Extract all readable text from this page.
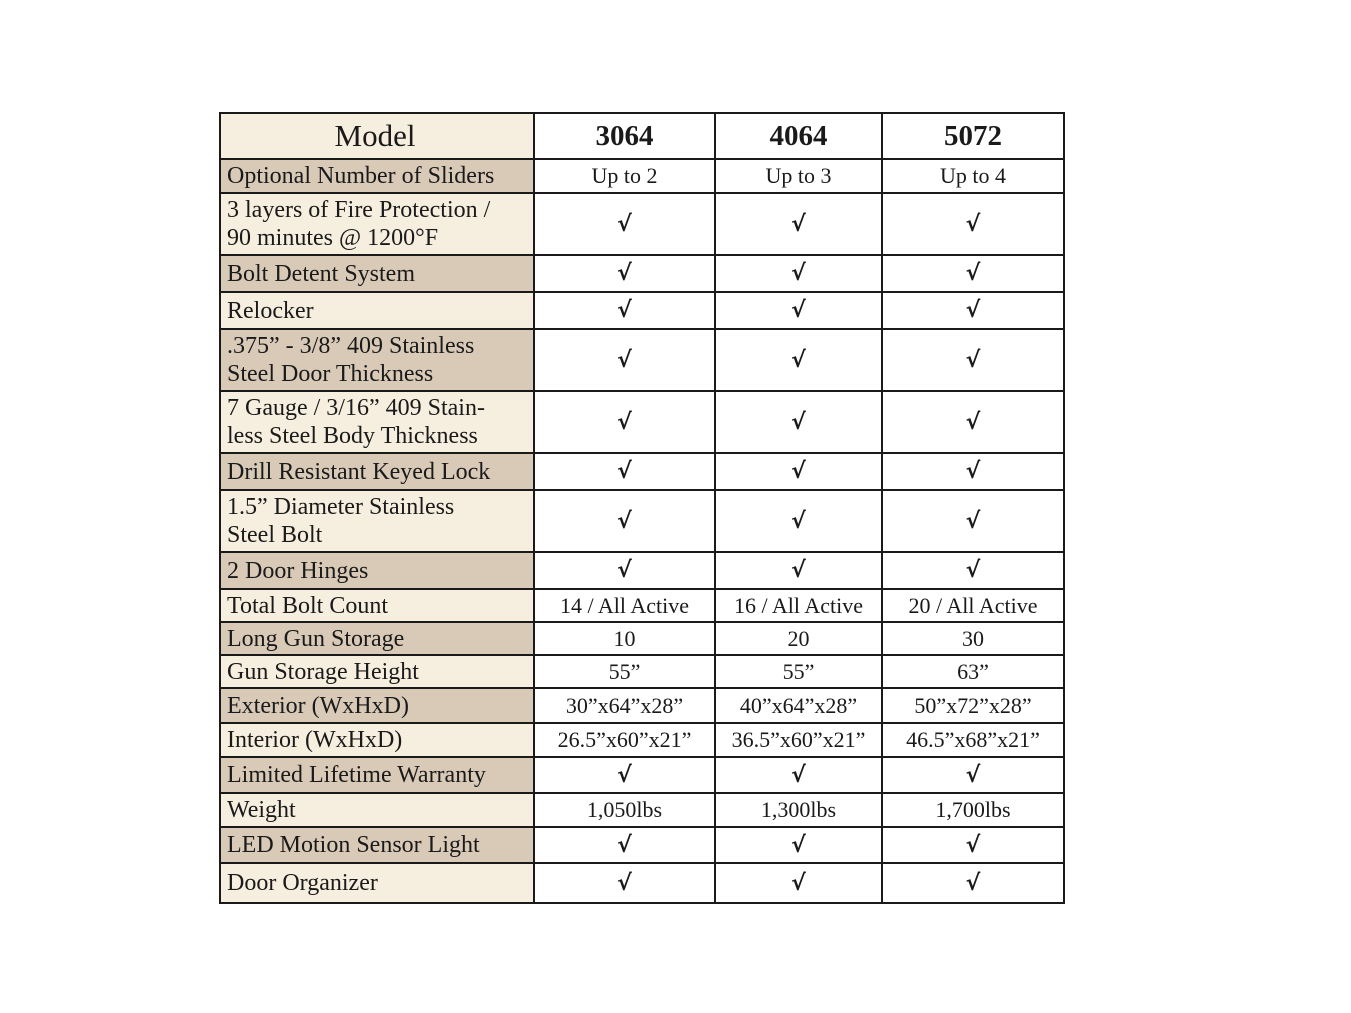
Model	3064	4064	5072
Optional Number of Sliders	Up to 2	Up to 3	Up to 4
3 layers of Fire Protection /
90 minutes @ 1200°F	√	√	√
Bolt Detent System	√	√	√
Relocker	√	√	√
.375” - 3/8” 409 Stainless
Steel Door Thickness	√	√	√
7 Gauge / 3/16” 409 Stain-
less Steel Body Thickness	√	√	√
Drill Resistant Keyed Lock	√	√	√
1.5” Diameter Stainless
Steel Bolt	√	√	√
2 Door Hinges	√	√	√
Total Bolt Count	14 / All Active	16 / All Active	20 / All Active
Long Gun Storage	10	20	30
Gun Storage Height	55”	55”	63”
Exterior (WxHxD)	30”x64”x28”	40”x64”x28”	50”x72”x28”
Interior (WxHxD)	26.5”x60”x21”	36.5”x60”x21”	46.5”x68”x21”
Limited Lifetime Warranty	√	√	√
Weight	1,050lbs	1,300lbs	1,700lbs
LED Motion Sensor Light	√	√	√
Door Organizer	√	√	√
